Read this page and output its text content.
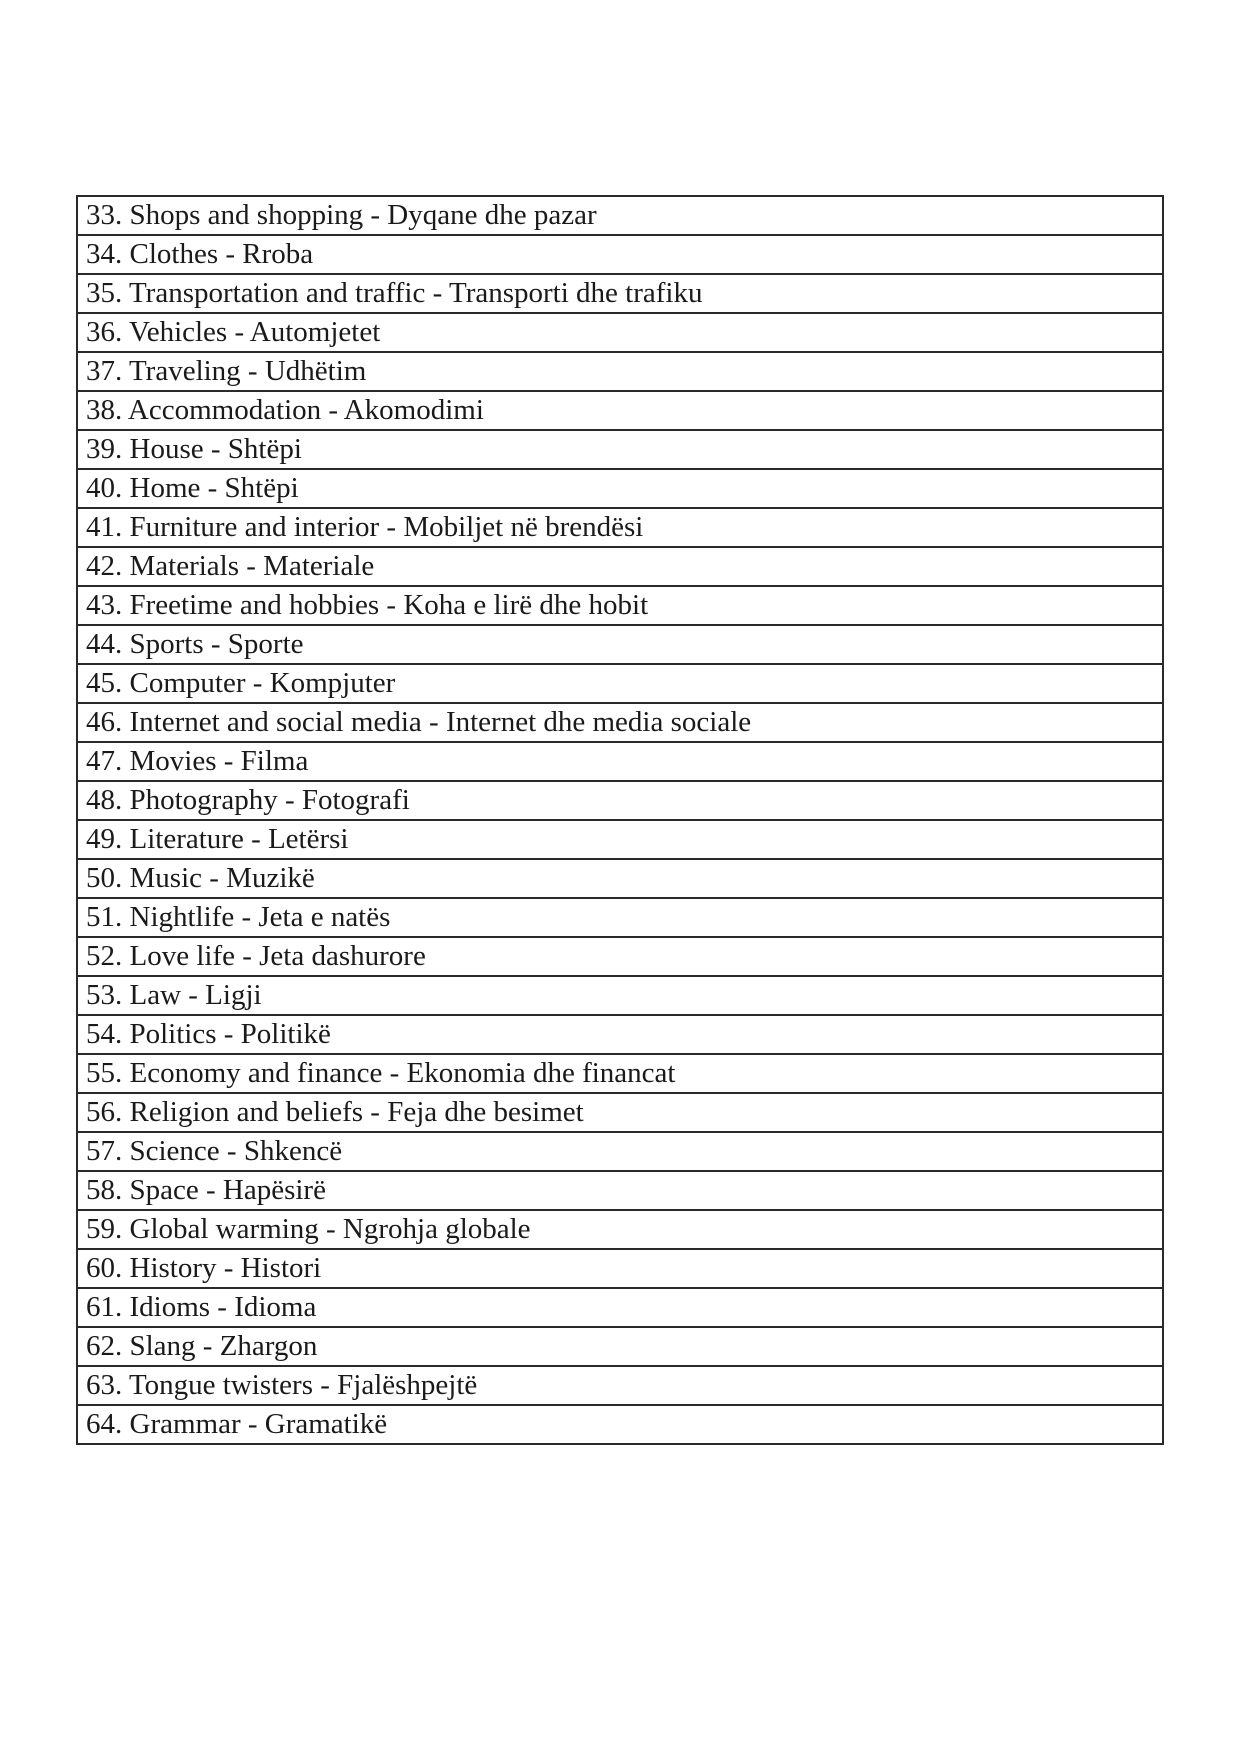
33. Shops and shopping - Dyqane dhe pazar
34. Clothes - Rroba
35. Transportation and traffic - Transporti dhe trafiku
36. Vehicles - Automjetet
37. Traveling - Udhëtim
38. Accommodation - Akomodimi
39. House - Shtëpi
40. Home - Shtëpi
41. Furniture and interior - Mobiljet në brendësi
42. Materials - Materiale
43. Freetime and hobbies - Koha e lirë dhe hobit
44. Sports - Sporte
45. Computer - Kompjuter
46. Internet and social media - Internet dhe media sociale
47. Movies - Filma
48. Photography - Fotografi
49. Literature - Letërsi
50. Music - Muzikë
51. Nightlife - Jeta e natës
52. Love life - Jeta dashurore
53. Law - Ligji
54. Politics - Politikë
55. Economy and finance - Ekonomia dhe financat
56. Religion and beliefs - Feja dhe besimet
57. Science - Shkencë
58. Space - Hapësirë
59. Global warming - Ngrohja globale
60. History - Histori
61. Idioms - Idioma
62. Slang - Zhargon
63. Tongue twisters - Fjalëshpejtë
64. Grammar - Gramatikë
